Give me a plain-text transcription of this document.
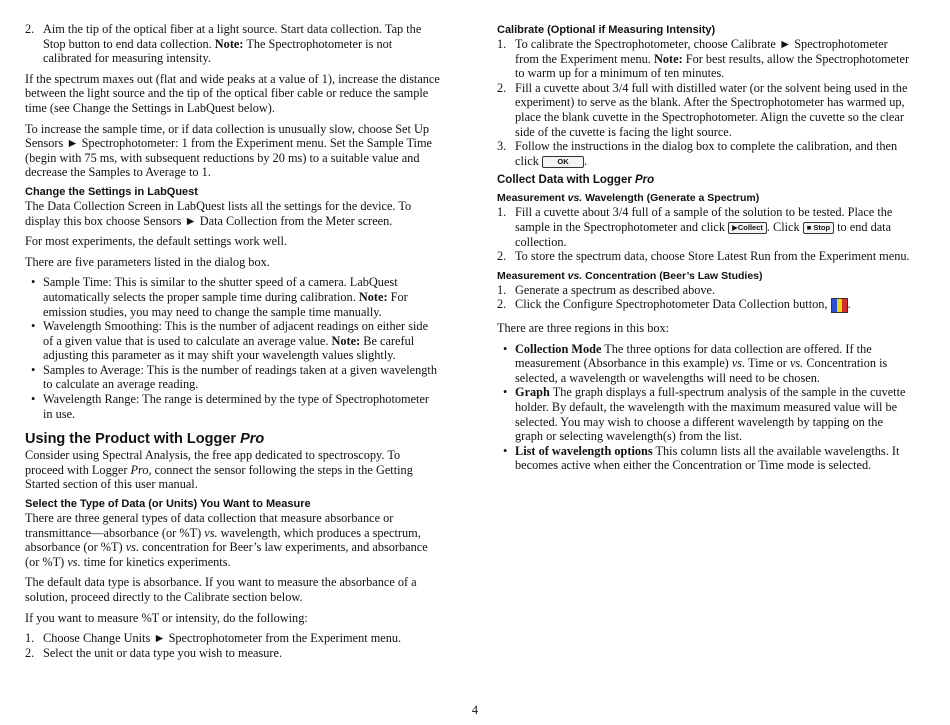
2. Aim the tip of the optical fiber at a light source. Start data collection. Tap the Stop button to end data collection. Note: The Spectrophotometer is not calibrated for measuring intensity.

If the spectrum maxes out (flat and wide peaks at a value of 1), increase the distance between the light source and the tip of the optical fiber cable or reduce the sample time (see Change the Settings in LabQuest below).

To increase the sample time, or if data collection is unusually slow, choose Set Up Sensors ► Spectrophotometer: 1 from the Experiment menu. Set the Sample Time (begin with 75 ms, with subsequent reductions by 20 ms) to a suitable value and decrease the Samples to Average to 1.

Change the Settings in LabQuest

The Data Collection Screen in LabQuest lists all the settings for the device. To display this box choose Sensors ► Data Collection from the Meter screen.

For most experiments, the default settings work well.

There are five parameters listed in the dialog box.

• Sample Time: This is similar to the shutter speed of a camera. LabQuest automatically selects the proper sample time during calibration. Note: For emission studies, you may need to change the sample time manually.
• Wavelength Smoothing: This is the number of adjacent readings on either side of a given value that is used to calculate an average value. Note: Be careful adjusting this parameter as it may shift your wavelength values slightly.
• Samples to Average: This is the number of readings taken at a given wavelength to calculate an average reading.
• Wavelength Range: The range is determined by the type of Spectrophotometer in use.
Using the Product with Logger Pro

Consider using Spectral Analysis, the free app dedicated to spectroscopy. To proceed with Logger Pro, connect the sensor following the steps in the Getting Started section of this user manual.

Select the Type of Data (or Units) You Want to Measure

There are three general types of data collection that measure absorbance or transmittance—absorbance (or %T) vs. wavelength, which produces a spectrum, absorbance (or %T) vs. concentration for Beer’s law experiments, and absorbance (or %T) vs. time for kinetics experiments.

The default data type is absorbance. If you want to measure the absorbance of a solution, proceed directly to the Calibrate section below.

If you want to measure %T or intensity, do the following:

1. Choose Change Units ► Spectrophotometer from the Experiment menu.
2. Select the unit or data type you wish to measure.
Calibrate (Optional if Measuring Intensity)
1. To calibrate the Spectrophotometer, choose Calibrate ► Spectrophotometer from the Experiment menu. Note: For best results, allow the Spectrophotometer to warm up for a minimum of ten minutes.
2. Fill a cuvette about 3/4 full with distilled water (or the solvent being used in the experiment) to serve as the blank. After the Spectrophotometer has warmed up, place the blank cuvette in the Spectrophotometer. Align the cuvette so the clear side of the cuvette is facing the light source.
3. Follow the instructions in the dialog box to complete the calibration, and then click OK .
Collect Data with Logger Pro
Measurement vs. Wavelength (Generate a Spectrum)
1. Fill a cuvette about 3/4 full of a sample of the solution to be tested. Place the sample in the Spectrophotometer and click ▶Collect . Click ■ Stop to end data collection.
2. To store the spectrum data, choose Store Latest Run from the Experiment menu.
Measurement vs. Concentration (Beer’s Law Studies)
1. Generate a spectrum as described above.
2. Click the Configure Spectrophotometer Data Collection button, .

There are three regions in this box:

• Collection Mode The three options for data collection are offered. If the measurement (Absorbance in this example) vs. Time or vs. Concentration is selected, a wavelength or wavelengths will need to be chosen.
• Graph The graph displays a full-spectrum analysis of the sample in the cuvette holder. By default, the wavelength with the maximum measured value will be selected. You may wish to choose a different wavelength by tapping on the graph or selecting wavelength(s) from the list.
• List of wavelength options This column lists all the available wavelengths. It becomes active when either the Concentration or Time mode is selected.
4
